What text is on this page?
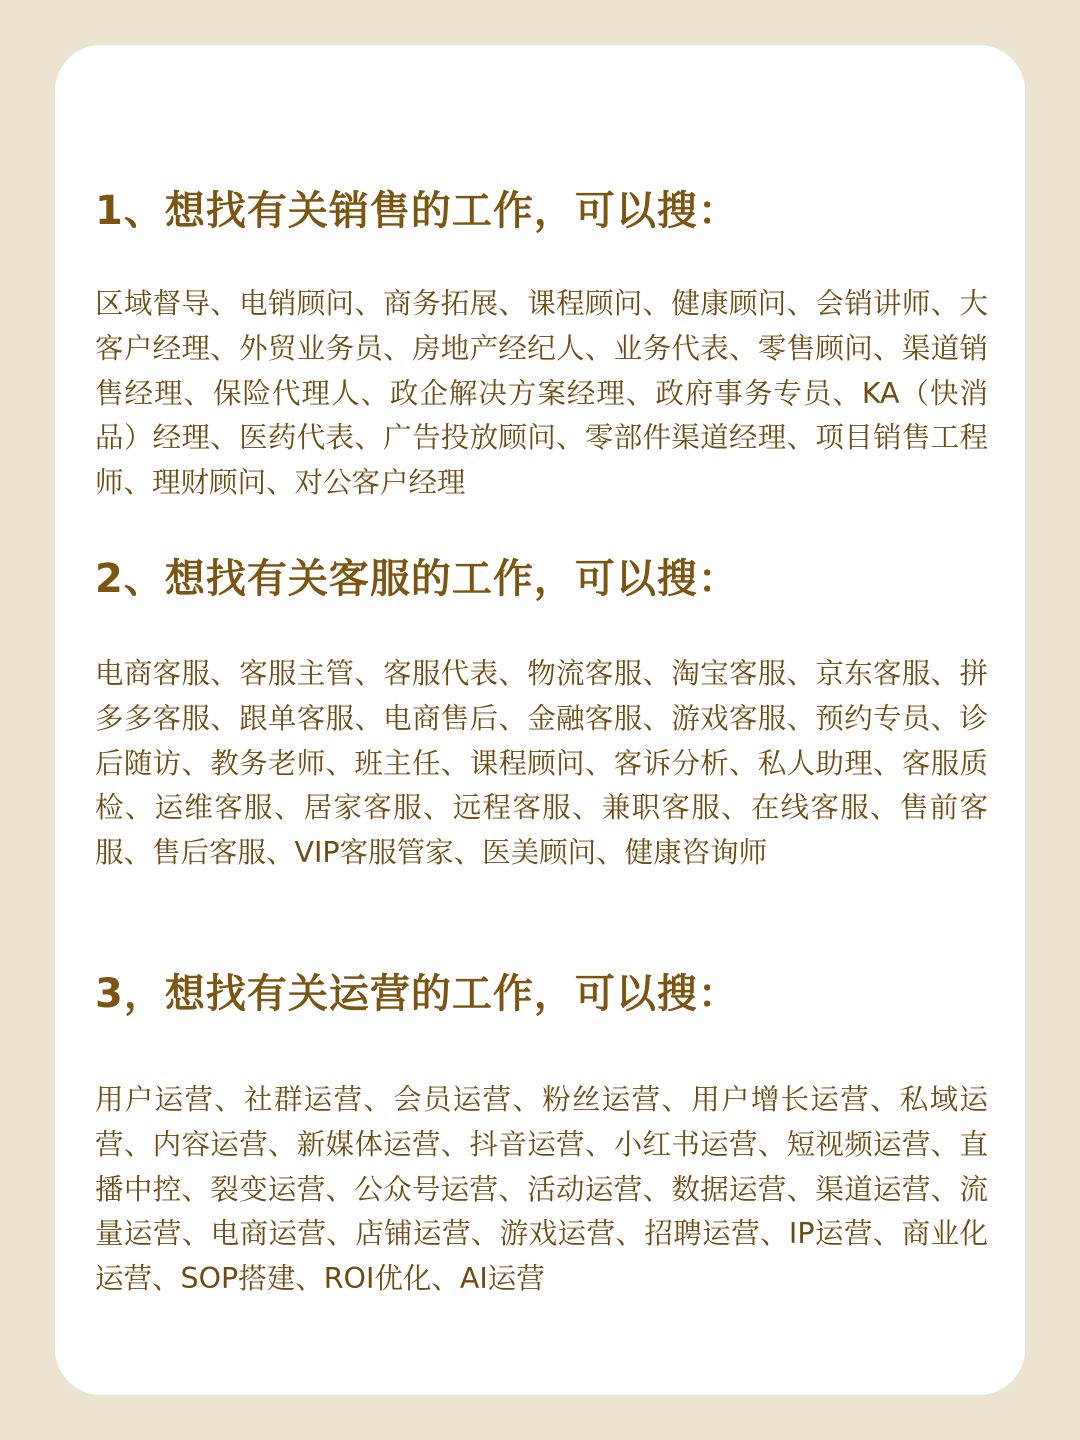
1、想找有关销售的工作，可以搜：

区域督导、电销顾问、商务拓展、课程顾问、健康顾问、会销讲师、大客户经理、外贸业务员、房地产经纪人、业务代表、零售顾问、渠道销售经理、保险代理人、政企解决方案经理、政府事务专员、KA（快消品）经理、医药代表、广告投放顾问、零部件渠道经理、项目销售工程师、理财顾问、对公客户经理

2、想找有关客服的工作，可以搜：

电商客服、客服主管、客服代表、物流客服、淘宝客服、京东客服、拼多多客服、跟单客服、电商售后、金融客服、游戏客服、预约专员、诊后随访、教务老师、班主任、课程顾问、客诉分析、私人助理、客服质检、运维客服、居家客服、远程客服、兼职客服、在线客服、售前客服、售后客服、VIP客服管家、医美顾问、健康咨询师

3，想找有关运营的工作，可以搜：

用户运营、社群运营、会员运营、粉丝运营、用户增长运营、私域运营、内容运营、新媒体运营、抖音运营、小红书运营、短视频运营、直播中控、裂变运营、公众号运营、活动运营、数据运营、渠道运营、流量运营、电商运营、店铺运营、游戏运营、招聘运营、IP运营、商业化运营、SOP搭建、ROI优化、AI运营
